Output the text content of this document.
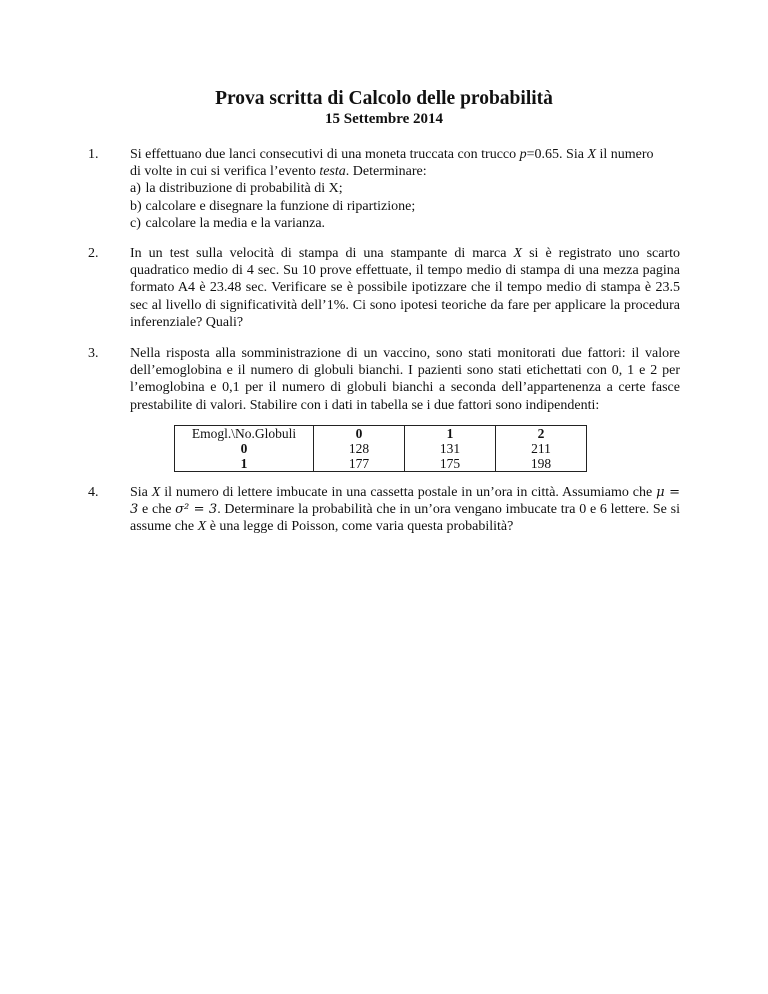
Prova scritta di Calcolo delle probabilità
15 Settembre 2014
1. Si effettuano due lanci consecutivi di una moneta truccata con trucco p=0.65. Sia X il numero
di volte in cui si verifica l’evento testa. Determinare:
a) la distribuzione di probabilità di X;
b) calcolare e disegnare la funzione di ripartizione;
c) calcolare la media e la varianza.
2. In un test sulla velocità di stampa di una stampante di marca X si è registrato uno scarto quadratico medio di 4 sec. Su 10 prove effettuate, il tempo medio di stampa di una mezza pagina formato A4 è 23.48 sec. Verificare se è possibile ipotizzare che il tempo medio di stampa è 23.5 sec al livello di significatività dell’1%. Ci sono ipotesi teoriche da fare per applicare la procedura inferenziale? Quali?

3. Nella risposta alla somministrazione di un vaccino, sono stati monitorati due fattori: il valore dell’emoglobina e il numero di globuli bianchi. I pazienti sono stati etichettati con 0, 1 e 2 per l’emoglobina e 0,1 per il numero di globuli bianchi a seconda dell’appartenenza a certe fasce prestabilite di valori. Stabilire con i dati in tabella se i due fattori sono indipendenti:

Emogl.\No.Globuli	0	1	2
0	128	131	211
1	177	175	198
4. Sia X il numero di lettere imbucate in una cassetta postale in un’ora in città. Assumiamo che μ = 3 e che σ² = 3. Determinare la probabilità che in un’ora vengano imbucate tra 0 e 6 lettere. Se si assume che X è una legge di Poisson, come varia questa probabilità?
